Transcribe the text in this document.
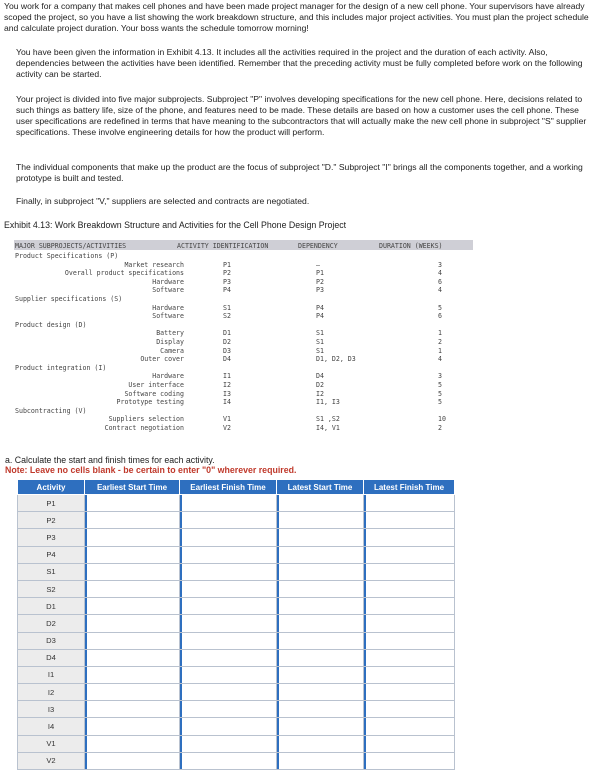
You work for a company that makes cell phones and have been made project manager for the design of a new cell phone. Your supervisors have already scoped the project, so you have a list showing the work breakdown structure, and this includes major project activities. You must plan the project schedule and calculate project duration. Your boss wants the schedule tomorrow morning!
You have been given the information in Exhibit 4.13. It includes all the activities required in the project and the duration of each activity. Also, dependencies between the activities have been identified. Remember that the preceding activity must be fully completed before work on the following activity can be started.
Your project is divided into five major subprojects. Subproject "P" involves developing specifications for the new cell phone. Here, decisions related to such things as battery life, size of the phone, and features need to be made. These details are based on how a customer uses the cell phone. These user specifications are redefined in terms that have meaning to the subcontractors that will actually make the new cell phone in subproject "S" supplier specifications. These involve engineering details for how the product will perform.
The individual components that make up the product are the focus of subproject "D." Subproject "I" brings all the components together, and a working prototype is built and tested.
Finally, in subproject "V," suppliers are selected and contracts are negotiated.
Exhibit 4.13: Work Breakdown Structure and Activities for the Cell Phone Design Project
MAJOR SUBPROJECTS/ACTIVITIES	ACTIVITY IDENTIFICATION	DEPENDENCY	DURATION (WEEKS)
Product Specifications (P)
Market research	P1	—	3
Overall product specifications	P2	P1	4
Hardware	P3	P2	6
Software	P4	P3	4
Supplier specifications (S)
Hardware	S1	P4	5
Software	S2	P4	6
Product design (D)
Battery	D1	S1	1
Display	D2	S1	2
Camera	D3	S1	1
Outer cover	D4	D1, D2, D3	4
Product integration (I)
Hardware	I1	D4	3
User interface	I2	D2	5
Software coding	I3	I2	5
Prototype testing	I4	I1, I3	5
Subcontracting (V)
Suppliers selection	V1	S1 ,S2	10
Contract negotiation	V2	I4, V1	2
a. Calculate the start and finish times for each activity.
Note: Leave no cells blank - be certain to enter "0" wherever required.
Activity	Earliest Start Time	Earliest Finish Time	Latest Start Time	Latest Finish Time
P1				
P2				
P3				
P4				
S1				
S2				
D1				
D2				
D3				
D4				
I1				
I2				
I3				
I4				
V1				
V2				
